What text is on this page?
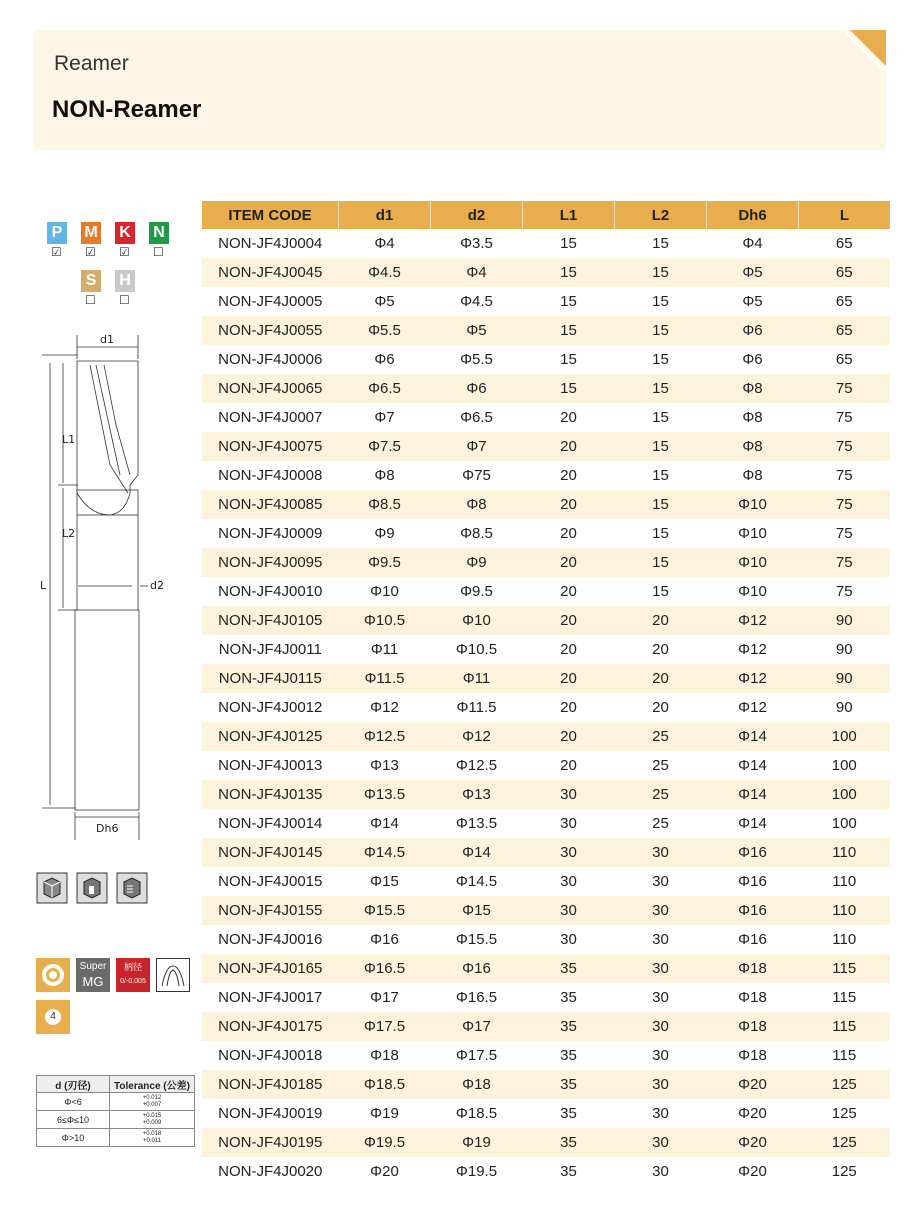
Reamer
NON-Reamer
P
☑
M
☑
K
☑
N
☐
S
☐
H
☐
d1
L1
L2
L	d2
Dh6
Super
MG
柄径
0/-0.005
4
d (刃径)	Tolerance (公差)
Φ<6	+0.012
+0.007

6≤Φ≤10	+0.015
+0.009

Φ>10	+0.018
+0.011
ITEM CODE	d1	d2	L1	L2	Dh6	L
NON-JF4J0004	Φ4	Φ3.5	15	15	Φ4	65
NON-JF4J0045	Φ4.5	Φ4	15	15	Φ5	65
NON-JF4J0005	Φ5	Φ4.5	15	15	Φ5	65
NON-JF4J0055	Φ5.5	Φ5	15	15	Φ6	65
NON-JF4J0006	Φ6	Φ5.5	15	15	Φ6	65
NON-JF4J0065	Φ6.5	Φ6	15	15	Φ8	75
NON-JF4J0007	Φ7	Φ6.5	20	15	Φ8	75
NON-JF4J0075	Φ7.5	Φ7	20	15	Φ8	75
NON-JF4J0008	Φ8	Φ75	20	15	Φ8	75
NON-JF4J0085	Φ8.5	Φ8	20	15	Φ10	75
NON-JF4J0009	Φ9	Φ8.5	20	15	Φ10	75
NON-JF4J0095	Φ9.5	Φ9	20	15	Φ10	75
NON-JF4J0010	Φ10	Φ9.5	20	15	Φ10	75
NON-JF4J0105	Φ10.5	Φ10	20	20	Φ12	90
NON-JF4J0011	Φ11	Φ10.5	20	20	Φ12	90
NON-JF4J0115	Φ11.5	Φ11	20	20	Φ12	90
NON-JF4J0012	Φ12	Φ11.5	20	20	Φ12	90
NON-JF4J0125	Φ12.5	Φ12	20	25	Φ14	100
NON-JF4J0013	Φ13	Φ12.5	20	25	Φ14	100
NON-JF4J0135	Φ13.5	Φ13	30	25	Φ14	100
NON-JF4J0014	Φ14	Φ13.5	30	25	Φ14	100
NON-JF4J0145	Φ14.5	Φ14	30	30	Φ16	110
NON-JF4J0015	Φ15	Φ14.5	30	30	Φ16	110
NON-JF4J0155	Φ15.5	Φ15	30	30	Φ16	110
NON-JF4J0016	Φ16	Φ15.5	30	30	Φ16	110
NON-JF4J0165	Φ16.5	Φ16	35	30	Φ18	115
NON-JF4J0017	Φ17	Φ16.5	35	30	Φ18	115
NON-JF4J0175	Φ17.5	Φ17	35	30	Φ18	115
NON-JF4J0018	Φ18	Φ17.5	35	30	Φ18	115
NON-JF4J0185	Φ18.5	Φ18	35	30	Φ20	125
NON-JF4J0019	Φ19	Φ18.5	35	30	Φ20	125
NON-JF4J0195	Φ19.5	Φ19	35	30	Φ20	125
NON-JF4J0020	Φ20	Φ19.5	35	30	Φ20	125
